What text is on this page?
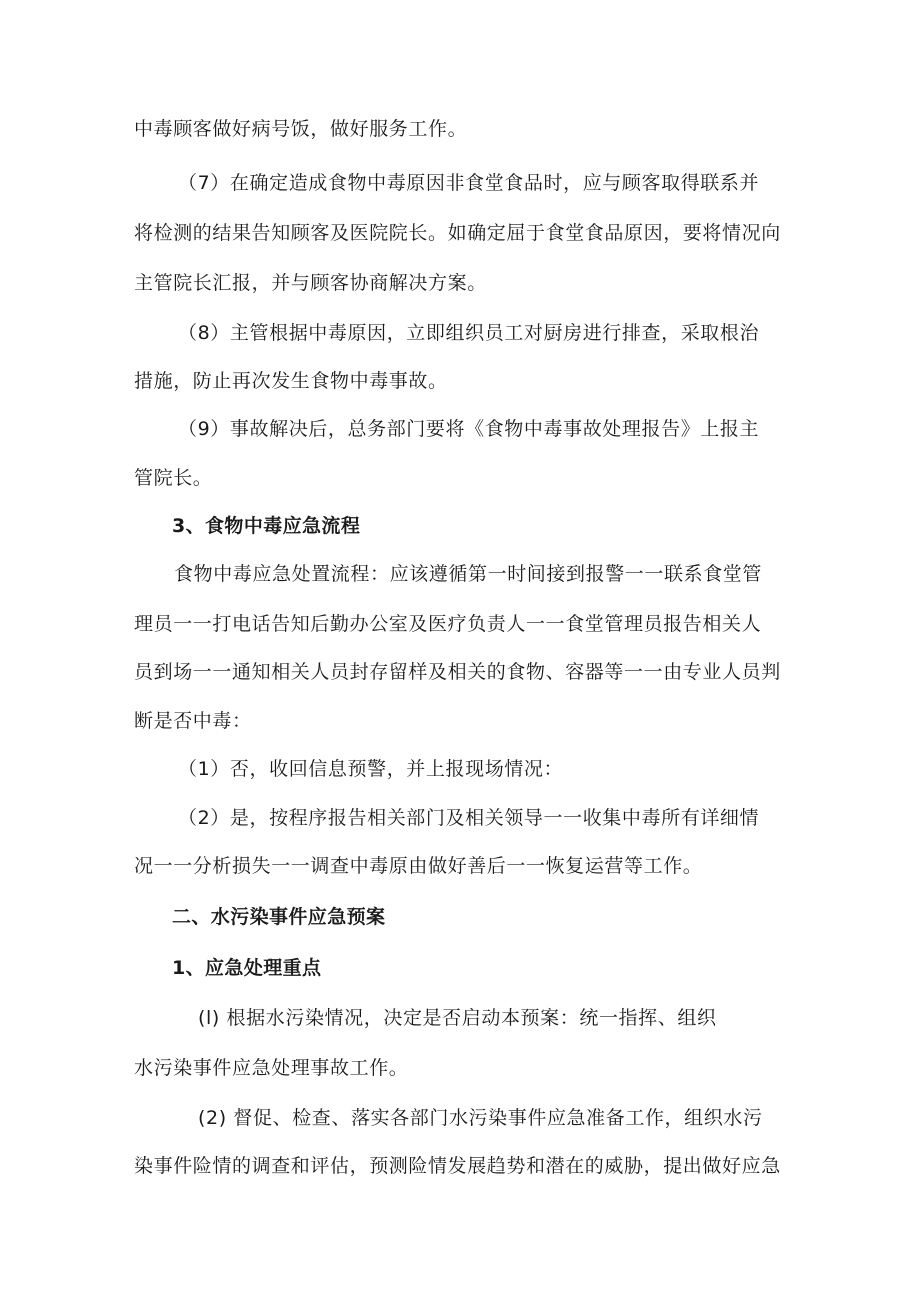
中毒顾客做好病号饭，做好服务工作。
（7）在确定造成食物中毒原因非食堂食品时，应与顾客取得联系并
将检测的结果告知顾客及医院院长。如确定屈于食堂食品原因，要将情况向
主管院长汇报，并与顾客协商解决方案。
（8）主管根据中毒原因，立即组织员工对厨房进行排查，采取根治
措施，防止再次发生食物中毒事故。
（9）事故解决后，总务部门要将《食物中毒事故处理报告》上报主
管院长。
3、食物中毒应急流程
食物中毒应急处置流程：应该遵循第一时间接到报警一一联系食堂管
理员一一打电话告知后勤办公室及医疗负责人一一食堂管理员报告相关人
员到场一一通知相关人员封存留样及相关的食物、容器等一一由专业人员判
断是否中毒：
（1）否，收回信息预警，并上报现场情况：
（2）是，按程序报告相关部门及相关领导一一收集中毒所有详细情
况一一分析损失一一调查中毒原由做好善后一一恢复运营等工作。
二、水污染事件应急预案
1、应急处理重点
(l) 根据水污染情况，决定是否启动本预案：统一指挥、组织
水污染事件应急处理事故工作。
(2) 督促、检查、落实各部门水污染事件应急准备工作，组织水污
染事件险情的调查和评估，预测险情发展趋势和潜在的威胁，提出做好应急
